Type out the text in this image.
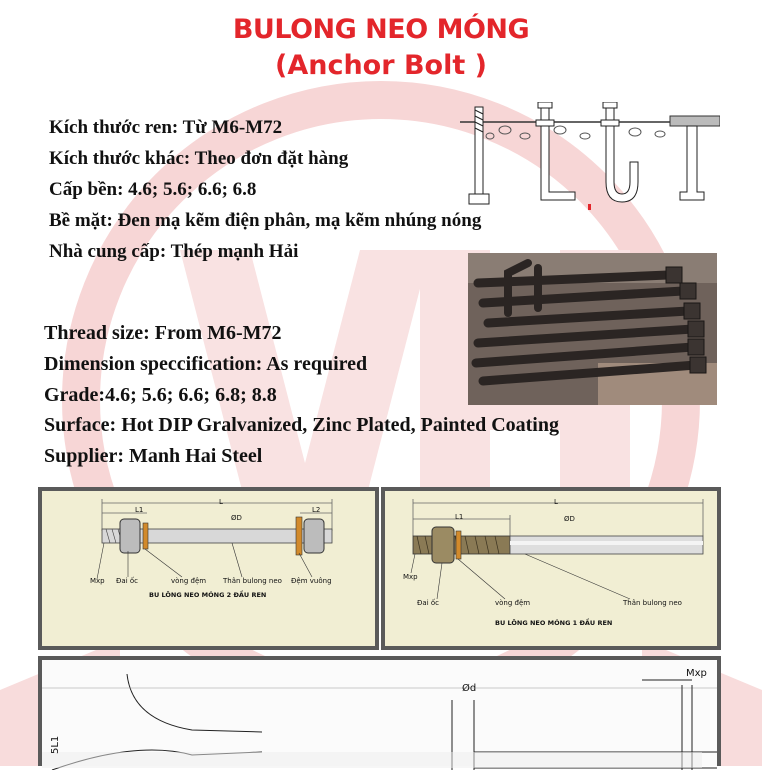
BULONG NEO MÓNG
(Anchor Bolt )
Kích thước ren: Từ M6-M72
Kích thước khác: Theo đơn đặt hàng
Cấp bền: 4.6; 5.6; 6.6; 6.8
Bề mặt: Đen mạ kẽm điện phân, mạ kẽm nhúng nóng
Nhà cung cấp: Thép mạnh Hải
Thread size: From M6-M72
Dimension speccification: As required
Grade:4.6; 5.6; 6.6; 6.8; 8.8
Surface: Hot DIP Gralvanized, Zinc Plated, Painted Coating
Supplier: Manh Hai Steel
L
L1	L2
ØD
Mxp Đai ốc	vòng đệm Thân bulong neo Đệm vuông
BU LÔNG NEO MÓNG 2 ĐẦU REN
L
L1	ØD
Mxp
Đai ốc	vòng đệm	Thân bulong neo
BU LÔNG NEO MÓNG 1 ĐẦU REN
Mxp
Ød
5L1
